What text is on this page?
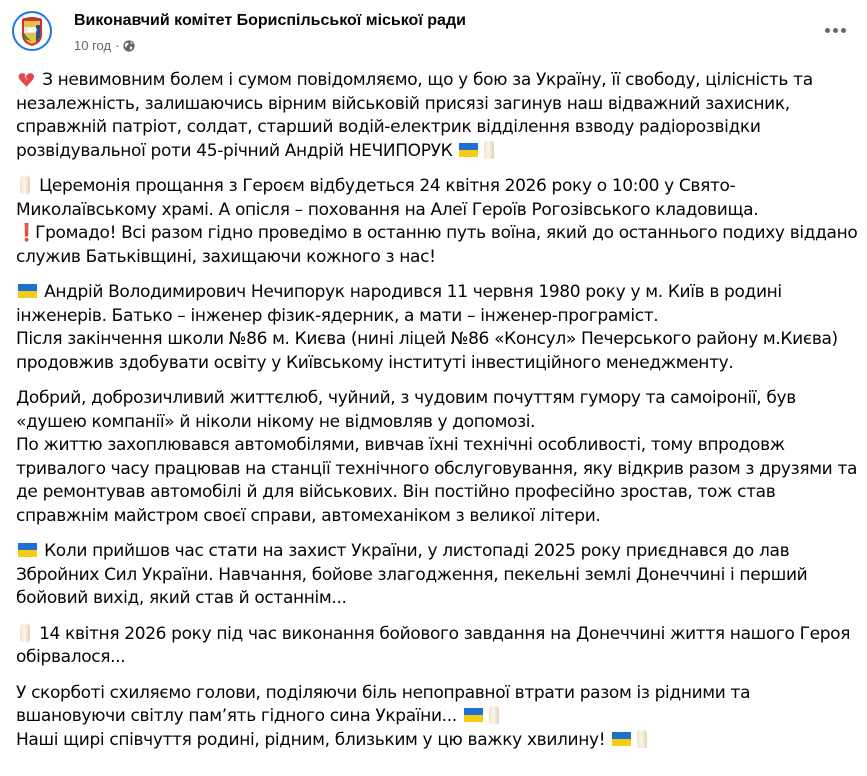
Виконавчий комітет Бориспільської міської ради
10 год ·
З невимовним болем і сумом повідомляємо, що у бою за Україну, її свободу, цілісність та
незалежність, залишаючись вірним військовій присязі загинув наш відважний захисник,
справжній патріот, солдат, старший водій-електрик відділення взводу радіорозвідки
розвідувальної роти 45-річний Андрій НЕЧИПОРУК
Церемонія прощання з Героєм відбудеться 24 квітня 2026 року о 10:00 у Свято-
Миколаївському храмі. А опісля – поховання на Алеї Героїв Рогозівського кладовища.
❗ Громадо! Всі разом гідно проведімо в останню путь воїна, який до останнього подиху віддано
служив Батьківщині, захищаючи кожного з нас!
Андрій Володимирович Нечипорук народився 11 червня 1980 року у м. Київ в родині
інженерів. Батько – інженер фізик-ядерник, а мати – інженер-програміст.
Після закінчення школи №86 м. Києва (нині ліцей №86 «Консул» Печерського району м.Києва)
продовжив здобувати освіту у Київському інституті інвестиційного менеджменту.
Добрий, доброзичливий життєлюб, чуйний, з чудовим почуттям гумору та самоіронії, був
«душею компанії» й ніколи нікому не відмовляв у допомозі.
По життю захоплювався автомобілями, вивчав їхні технічні особливості, тому впродовж
тривалого часу працював на станції технічного обслуговування, яку відкрив разом з друзями та
де ремонтував автомобілі й для військових. Він постійно професійно зростав, тож став
справжнім майстром своєї справи, автомеханіком з великої літери.
Коли прийшов час стати на захист України, у листопаді 2025 року приєднався до лав
Збройних Сил України. Навчання, бойове злагодження, пекельні землі Донеччині і перший
бойовий вихід, який став й останнім...
14 квітня 2026 року під час виконання бойового завдання на Донеччині життя нашого Героя
обірвалося...
У скорботі схиляємо голови, поділяючи біль непоправної втрати разом із рідними та
вшановуючи світлу пам’ять гідного сина України...
Наші щирі співчуття родині, рідним, близьким у цю важку хвилину!
